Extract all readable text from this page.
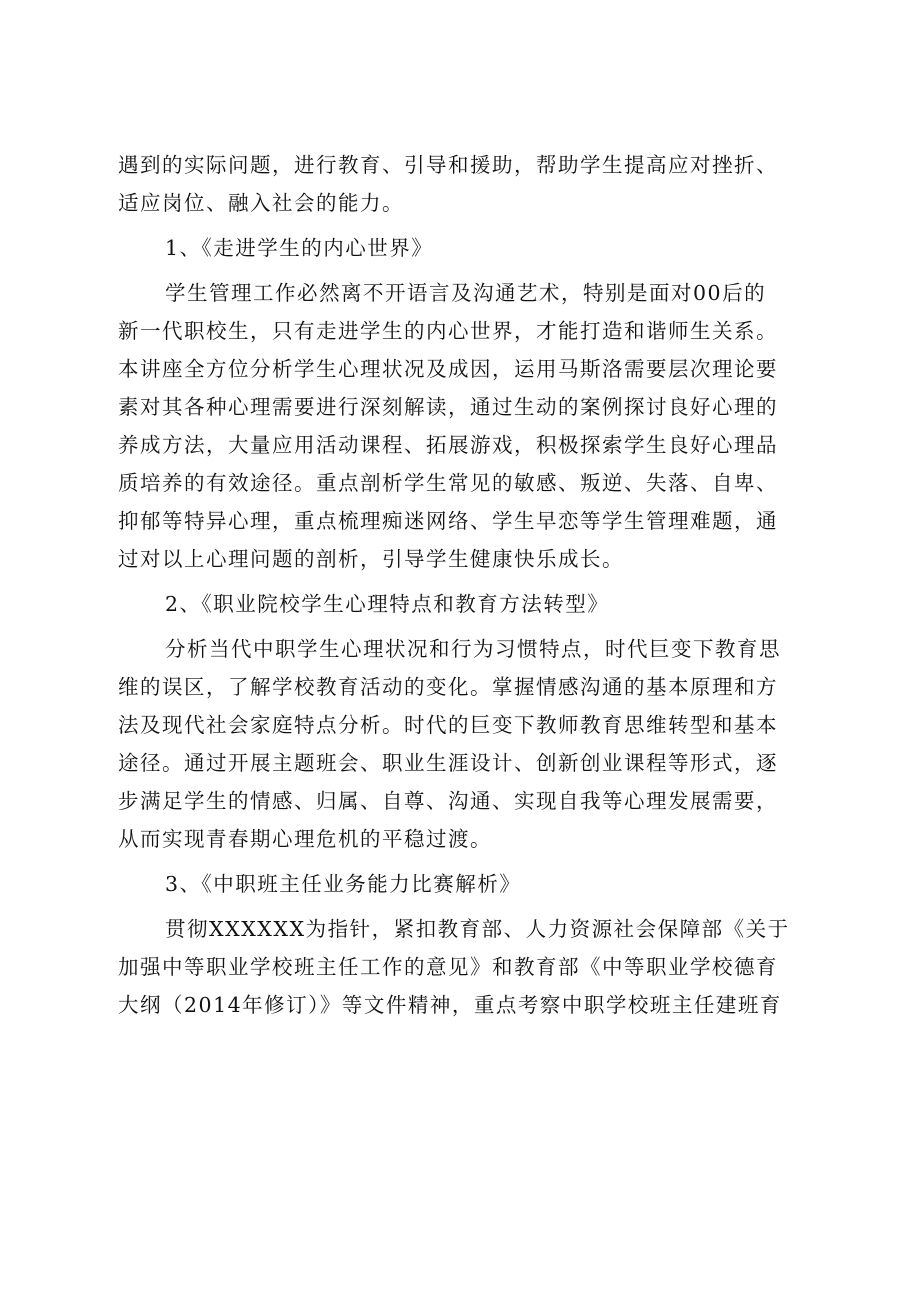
遇到的实际问题，进行教育、引导和援助，帮助学生提高应对挫折、
适应岗位、融入社会的能力。

1、《走进学生的内心世界》

学生管理工作必然离不开语言及沟通艺术，特别是面对00后的
新一代职校生，只有走进学生的内心世界，才能打造和谐师生关系。
本讲座全方位分析学生心理状况及成因，运用马斯洛需要层次理论要
素对其各种心理需要进行深刻解读，通过生动的案例探讨良好心理的
养成方法，大量应用活动课程、拓展游戏，积极探索学生良好心理品
质培养的有效途径。重点剖析学生常见的敏感、叛逆、失落、自卑、
抑郁等特异心理，重点梳理痴迷网络、学生早恋等学生管理难题，通
过对以上心理问题的剖析，引导学生健康快乐成长。

2、《职业院校学生心理特点和教育方法转型》

分析当代中职学生心理状况和行为习惯特点，时代巨变下教育思
维的误区，了解学校教育活动的变化。掌握情感沟通的基本原理和方
法及现代社会家庭特点分析。时代的巨变下教师教育思维转型和基本
途径。通过开展主题班会、职业生涯设计、创新创业课程等形式，逐
步满足学生的情感、归属、自尊、沟通、实现自我等心理发展需要，
从而实现青春期心理危机的平稳过渡。

3、《中职班主任业务能力比赛解析》

贯彻XXXXXX为指针，紧扣教育部、人力资源社会保障部《关于
加强中等职业学校班主任工作的意见》和教育部《中等职业学校德育
大纲（2014年修订）》等文件精神，重点考察中职学校班主任建班育
